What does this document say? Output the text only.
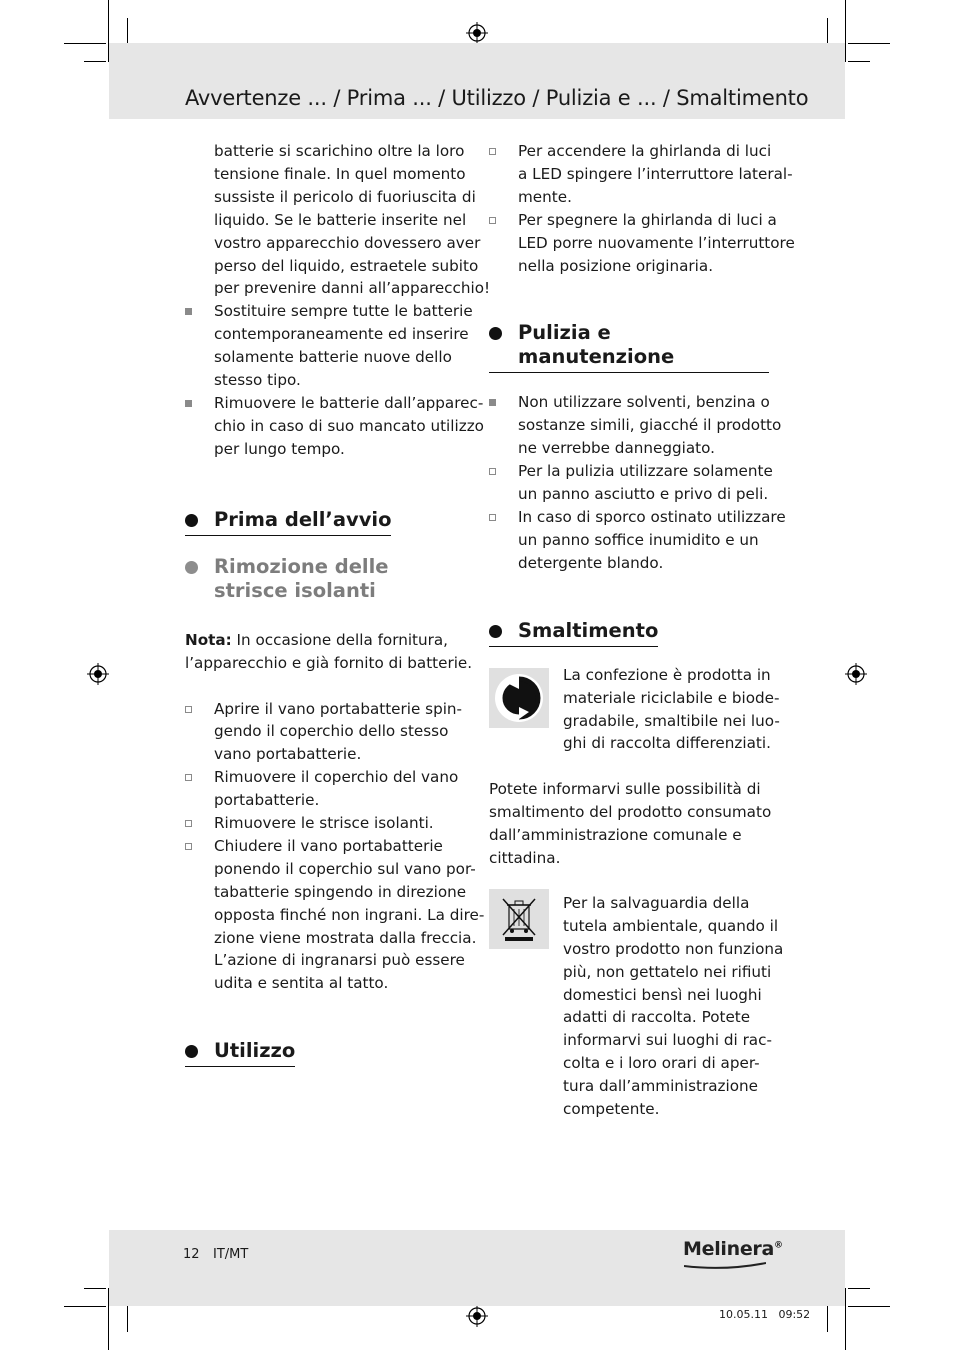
Avvertenze ... / Prima ... / Utilizzo / Pulizia e ... / Smaltimento
batterie si scarichino oltre la loro
tensione finale. In quel momento
sussiste il pericolo di fuoriuscita di
liquido. Se le batterie inserite nel
vostro apparecchio dovessero aver
perso del liquido, estraetele subito
per prevenire danni all’apparecchio!
Sostituire sempre tutte le batterie
contemporaneamente ed inserire
solamente batterie nuove dello
stesso tipo.
Rimuovere le batterie dall’apparec-
chio in caso di suo mancato utilizzo
per lungo tempo.
Prima dell’avvio
Rimozione delle
strisce isolanti
Nota: In occasione della fornitura,
l’apparecchio e già fornito di batterie.
Aprire il vano portabatterie spin-
gendo il coperchio dello stesso
vano portabatterie.
Rimuovere il coperchio del vano
portabatterie.
Rimuovere le strisce isolanti.
Chiudere il vano portabatterie
ponendo il coperchio sul vano por-
tabatterie spingendo in direzione
opposta finché non ingrani. La dire-
zione viene mostrata dalla freccia.
L’azione di ingranarsi può essere
udita e sentita al tatto.
Utilizzo
Per accendere la ghirlanda di luci
a LED spingere l’interruttore lateral-
mente.
Per spegnere la ghirlanda di luci a
LED porre nuovamente l’interruttore
nella posizione originaria.
Pulizia e manutenzione
Non utilizzare solventi, benzina o
sostanze simili, giacché il prodotto
ne verrebbe danneggiato.
Per la pulizia utilizzare solamente
un panno asciutto e privo di peli.
In caso di sporco ostinato utilizzare
un panno soffice inumidito e un
detergente blando.
Smaltimento
La confezione è prodotta in
materiale riciclabile e biode-
gradabile, smaltibile nei luo-
ghi di raccolta differenziati.
Potete informarvi sulle possibilità di
smaltimento del prodotto consumato
dall’amministrazione comunale e
cittadina.
Per la salvaguardia della
tutela ambientale, quando il
vostro prodotto non funziona
più, non gettatelo nei rifiuti
domestici bensì nei luoghi
adatti di raccolta. Potete
informarvi sui luoghi di rac-
colta e i loro orari di aper-
tura dall’amministrazione
competente.
12 IT/MT	Melinera®
10.05.11   09:52
